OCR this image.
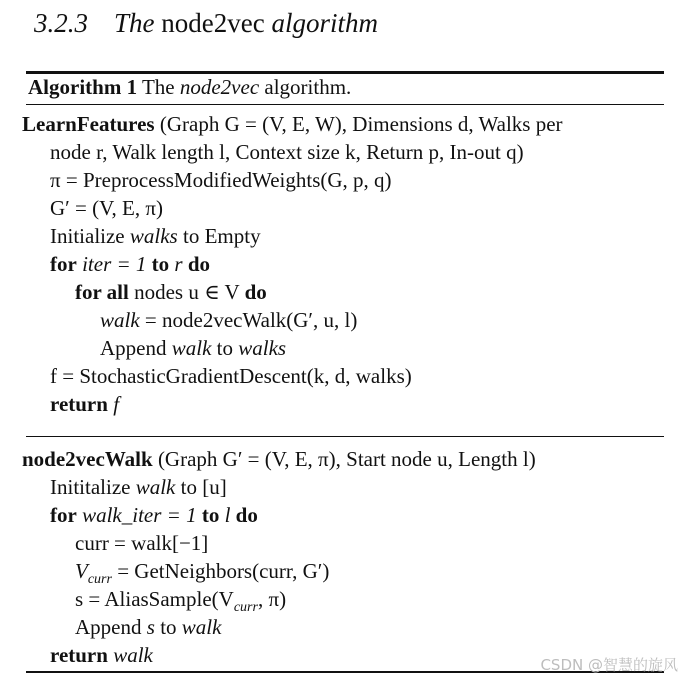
3.2.3 The node2vec algorithm
Algorithm 1 The node2vec algorithm.
LearnFeatures (Graph G = (V, E, W), Dimensions d, Walks per
node r, Walk length l, Context size k, Return p, In-out q)
π = PreprocessModifiedWeights(G, p, q)
G′ = (V, E, π)
Initialize walks to Empty
for iter = 1 to r do
for all nodes u ∈ V do
walk = node2vecWalk(G′, u, l)
Append walk to walks
f = StochasticGradientDescent(k, d, walks)
return f
node2vecWalk (Graph G′ = (V, E, π), Start node u, Length l)
Inititalize walk to [u]
for walk_iter = 1 to l do
curr = walk[−1]
$V_{curr}$ = GetNeighbors(curr, G′)
$s = AliasSample(V_{curr}$, π)
Append s to walk
return walk	CSDN @智慧的旋风
